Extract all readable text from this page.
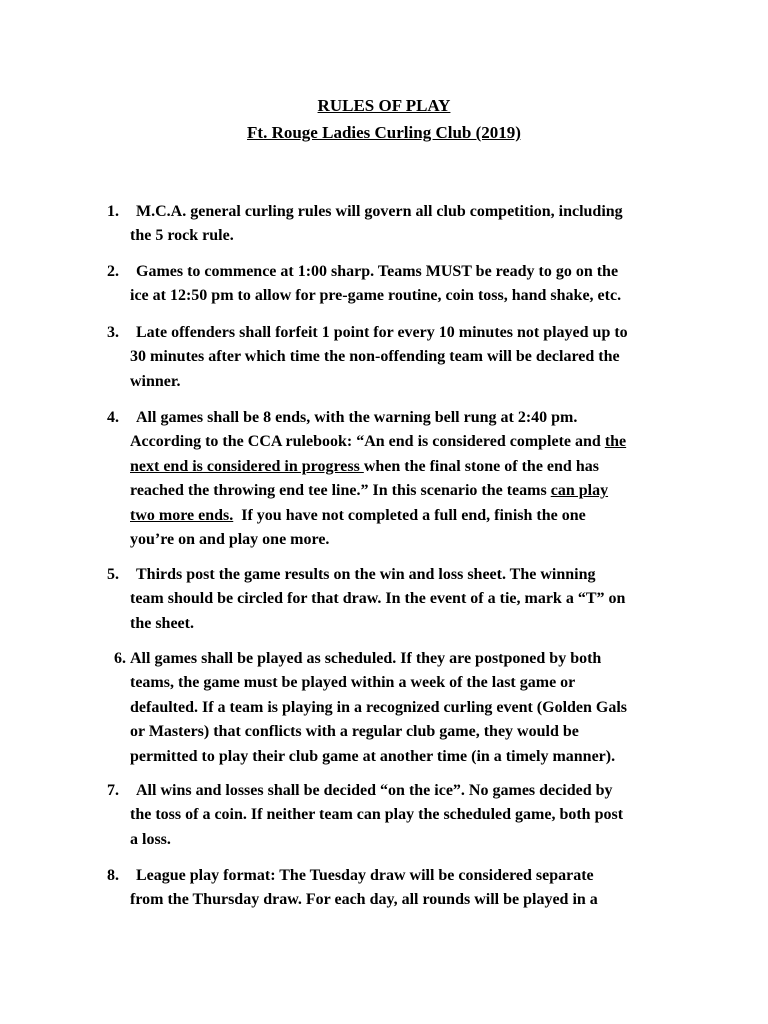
RULES OF PLAY
Ft. Rouge Ladies Curling Club (2019)
1.	M.C.A. general curling rules will govern all club competition, including
the 5 rock rule.
2.	Games to commence at 1:00 sharp. Teams MUST be ready to go on the
ice at 12:50 pm to allow for pre-game routine, coin toss, hand shake, etc.
3.	Late offenders shall forfeit 1 point for every 10 minutes not played up to
30 minutes after which time the non-offending team will be declared the
winner.
4.	All games shall be 8 ends, with the warning bell rung at 2:40 pm.
According to the CCA rulebook: “An end is considered complete and the
next end is considered in progress when the final stone of the end has
reached the throwing end tee line.” In this scenario the teams can play
two more ends.  If you have not completed a full end, finish the one
you’re on and play one more.
5.	Thirds post the game results on the win and loss sheet. The winning
team should be circled for that draw. In the event of a tie, mark a “T” on
the sheet.
6. All games shall be played as scheduled. If they are postponed by both
teams, the game must be played within a week of the last game or
defaulted. If a team is playing in a recognized curling event (Golden Gals
or Masters) that conflicts with a regular club game, they would be
permitted to play their club game at another time (in a timely manner).
7.	All wins and losses shall be decided “on the ice”. No games decided by
the toss of a coin. If neither team can play the scheduled game, both post
a loss.
8.	League play format: The Tuesday draw will be considered separate
from the Thursday draw. For each day, all rounds will be played in a
